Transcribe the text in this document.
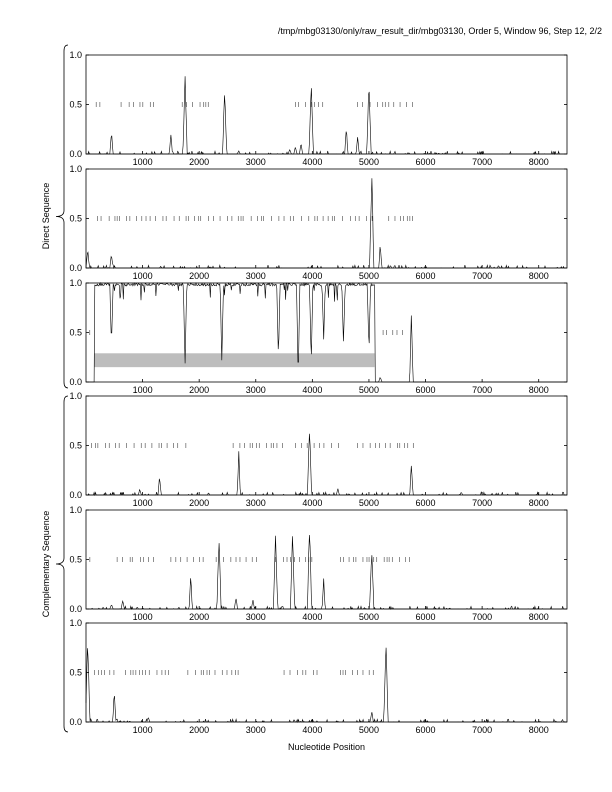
/tmp/mbg03130/only/raw_result_dir/mbg03130, Order 5, Window 96, Step 12, 2/2
0.0
0.5
1.0
1000	2000	3000	4000	5000	6000	7000	8000
0.0
0.5
1.0
1000	2000	3000	4000	5000	6000	7000	8000
0.0
0.5
1.0
1000	2000	3000	4000	5000	6000	7000	8000
0.0
0.5
1.0
1000	2000	3000	4000	5000	6000	7000	8000
0.0
0.5
1.0
1000	2000	3000	4000	5000	6000	7000	8000
0.0
0.5
1.0
1000	2000	3000	4000	5000	6000	7000	8000
Direct Sequence
Complementary Sequence
Nucleotide Position
